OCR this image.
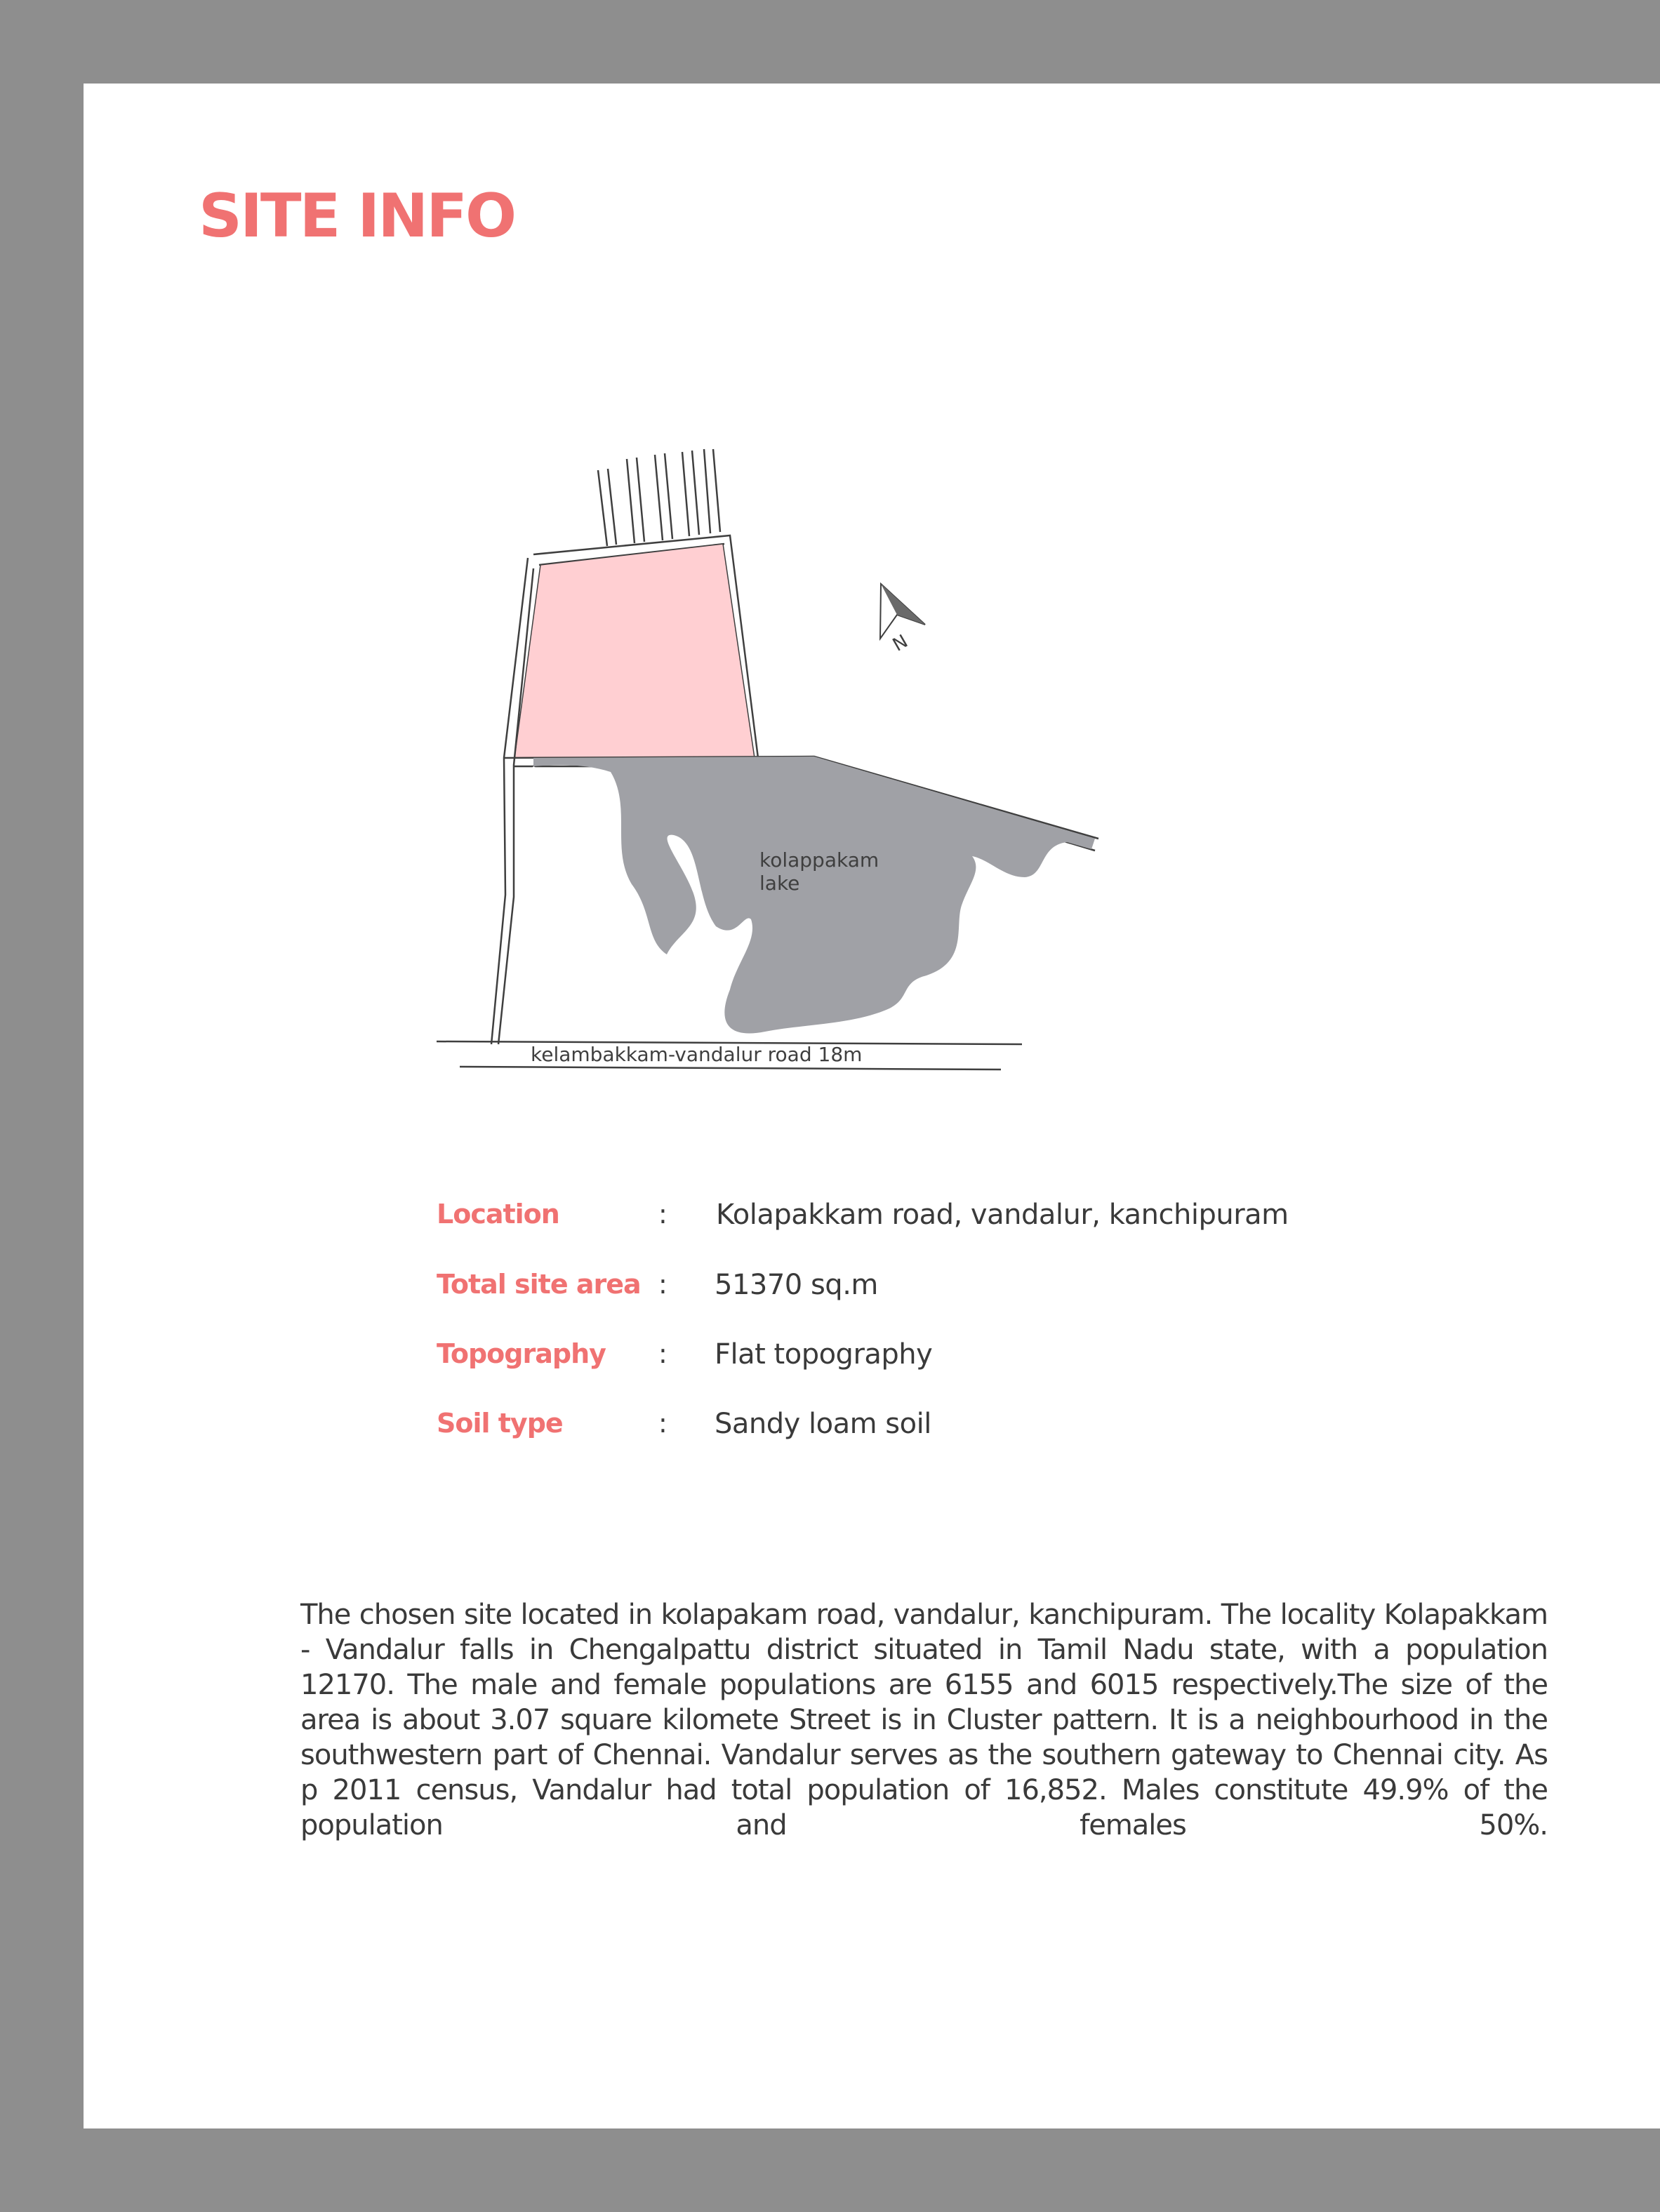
SITE INFO
kolappakam
lake
kelambakkam-vandalur road 18m
N
Location	: Kolapakkam road, vandalur, kanchipuram
Total site area : 51370 sq.m
Topography : Flat topography
Soil type	: Sandy loam soil

The chosen site located in kolapakam road, vandalur, kanchipuram. The locality Kolapakkam - Vandalur falls in Chengalpattu district situated in Tamil Nadu state, with a population 12170. The male and female populations are 6155 and 6015 respectively.The size of the area is about 3.07 square kilomete Street is in Cluster pattern. It is a neighbourhood in the southwestern part of Chennai. Vandalur serves as the southern gateway to Chennai city. As p 2011 census, Vandalur had total population of 16,852. Males constitute 49.9% of the population and females 50%.
